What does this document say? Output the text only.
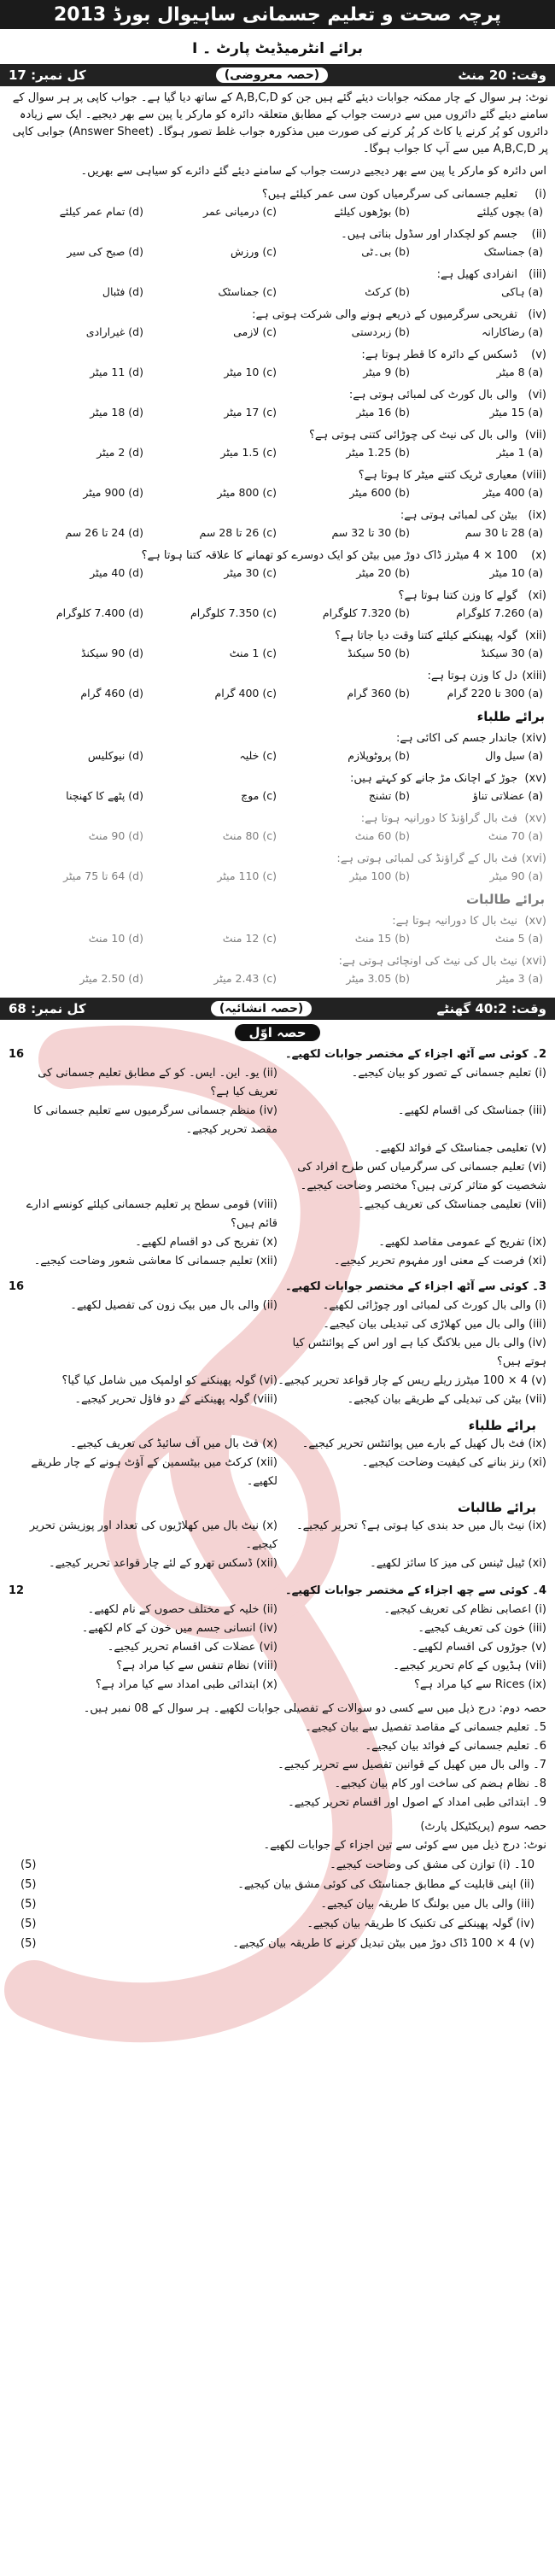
پرچہ صحت و تعلیم جسمانی ساہیوال بورڈ 2013
برائے انٹرمیڈیٹ پارٹ ۔ I
وقت: 20 منٹ
(حصہ معروضی)
کل نمبر: 17
نوٹ: ہر سوال کے چار ممکنہ جوابات دیئے گئے ہیں جن کو A,B,C,D کے ساتھ دیا گیا ہے۔ جواب کاپی پر ہر سوال کے سامنے دیئے گئے دائروں میں سے درست جواب کے مطابق متعلقہ دائرہ کو مارکر یا پین سے بھر دیجیے۔ ایک سے زیادہ دائروں کو پُر کرنے یا کاٹ کر پُر کرنے کی صورت میں مذکورہ جواب غلط تصور ہوگا۔ (Answer Sheet) جوابی کاپی پر A,B,C,D میں سے آپ کا جواب ہوگا۔
اس دائرہ کو مارکر یا پین سے بھر دیجیے درست جواب کے سامنے دیئے گئے دائرے کو سیاہی سے بھریں۔
(i)تعلیم جسمانی کی سرگرمیاں کون سی عمر کیلئے ہیں؟
(a) بچوں کیلئے
(b) بوڑھوں کیلئے
(c) درمیانی عمر
(d) تمام عمر کیلئے
(ii)جسم کو لچکدار اور سڈول بناتی ہیں۔
(a) جمناسٹک
(b) بی۔ٹی
(c) ورزش
(d) صبح کی سیر
(iii)انفرادی کھیل ہے:
(a) ہاکی
(b) کرکٹ
(c) جمناسٹک
(d) فٹبال
(iv)تفریحی سرگرمیوں کے ذریعے ہونے والی شرکت ہوتی ہے:
(a) رضاکارانہ
(b) زبردستی
(c) لازمی
(d) غیرارادی
(v)ڈسکس کے دائرہ کا قطر ہوتا ہے:
(a) 8 میٹر
(b) 9 میٹر
(c) 10 میٹر
(d) 11 میٹر
(vi)والی بال کورٹ کی لمبائی ہوتی ہے:
(a) 15 میٹر
(b) 16 میٹر
(c) 17 میٹر
(d) 18 میٹر
(vii)والی بال کی نیٹ کی چوڑائی کتنی ہوتی ہے؟
(a) 1 میٹر
(b) 1.25 میٹر
(c) 1.5 میٹر
(d) 2 میٹر
(viii)معیاری ٹریک کتنے میٹر کا ہوتا ہے؟
(a) 400 میٹر
(b) 600 میٹر
(c) 800 میٹر
(d) 900 میٹر
(ix)بیٹن کی لمبائی ہوتی ہے:
(a) 28 تا 30 سم
(b) 30 تا 32 سم
(c) 26 تا 28 سم
(d) 24 تا 26 سم
(x)100 × 4 میٹرز ڈاک دوڑ میں بیٹن کو ایک دوسرے کو تھمانے کا علاقہ کتنا ہوتا ہے؟
(a) 10 میٹر
(b) 20 میٹر
(c) 30 میٹر
(d) 40 میٹر
(xi)گولے کا وزن کتنا ہوتا ہے؟
(a) 7.260 کلوگرام
(b) 7.320 کلوگرام
(c) 7.350 کلوگرام
(d) 7.400 کلوگرام
(xii)گولہ پھینکنے کیلئے کتنا وقت دیا جاتا ہے؟
(a) 30 سیکنڈ
(b) 50 سیکنڈ
(c) 1 منٹ
(d) 90 سیکنڈ
(xiii)دل کا وزن ہوتا ہے:
(a) 300 تا 220 گرام
(b) 360 گرام
(c) 400 گرام
(d) 460 گرام
برائے طلباء
(xiv)جاندار جسم کی اکائی ہے:
(a) سیل وال
(b) پروٹوپلازم
(c) خلیہ
(d) نیوکلیس
(xv)جوڑ کے اچانک مڑ جانے کو کہتے ہیں:
(a) عضلاتی تناؤ
(b) تشنج
(c) موچ
(d) پٹھے کا کھنچنا
(xv)فٹ بال گراؤنڈ کا دورانیہ ہوتا ہے:
(a) 70 منٹ
(b) 60 منٹ
(c) 80 منٹ
(d) 90 منٹ
(xvi)فٹ بال کے گراؤنڈ کی لمبائی ہوتی ہے:
(a) 90 میٹر
(b) 100 میٹر
(c) 110 میٹر
(d) 64 تا 75 میٹر
برائے طالبات
(xv)نیٹ بال کا دورانیہ ہوتا ہے:
(a) 5 منٹ
(b) 15 منٹ
(c) 12 منٹ
(d) 10 منٹ
(xvi)نیٹ بال کی نیٹ کی اونچائی ہوتی ہے:
(a) 3 میٹر
(b) 3.05 میٹر
(c) 2.43 میٹر
(d) 2.50 میٹر
وقت: 40:2 گھنٹے
(حصہ انشائیہ)
کل نمبر: 68
حصہ اوّل
2۔ کوئی سے آٹھ اجزاء کے مختصر جوابات لکھیے۔
16
(i) تعلیم جسمانی کے تصور کو بیان کیجیے۔
(ii) یو۔ این۔ ایس۔ کو کے مطابق تعلیم جسمانی کی تعریف کیا ہے؟
(iii) جمناسٹک کی اقسام لکھیے۔
(iv) منظم جسمانی سرگرمیوں سے تعلیم جسمانی کا مقصد تحریر کیجیے۔
(v) تعلیمی جمناسٹک کے فوائد لکھیے۔
(vi) تعلیم جسمانی کی سرگرمیاں کس طرح افراد کی شخصیت کو متاثر کرتی ہیں؟ مختصر وضاحت کیجیے۔
(vii) تعلیمی جمناسٹک کی تعریف کیجیے۔
(viii) قومی سطح پر تعلیم جسمانی کیلئے کونسے ادارے قائم ہیں؟
(ix) تفریح کے عمومی مقاصد لکھیے۔
(x) تفریح کی دو اقسام لکھیے۔
(xi) فرصت کے معنی اور مفہوم تحریر کیجیے۔
(xii) تعلیم جسمانی کا معاشی شعور وضاحت کیجیے۔
3۔ کوئی سے آٹھ اجزاء کے مختصر جوابات لکھیے۔
16
(i) والی بال کورٹ کی لمبائی اور چوڑائی لکھیے۔
(ii) والی بال میں بیک زون کی تفصیل لکھیے۔
(iii) والی بال میں کھلاڑی کی تبدیلی بیان کیجیے۔
(iv) والی بال میں بلاکنگ کیا ہے اور اس کے پوائنٹس کیا ہوتے ہیں؟
(v) 100 × 4 میٹرز ریلے ریس کے چار قواعد تحریر کیجیے۔
(vi) گولہ پھینکنے کو اولمپک میں شامل کیا گیا؟
(vii) بیٹن کی تبدیلی کے طریقے بیان کیجیے۔
(viii) گولہ پھینکنے کے دو فاؤل تحریر کیجیے۔
برائے طلباء
(ix) فٹ بال کھیل کے بارے میں پوائنٹس تحریر کیجیے۔
(x) فٹ بال میں آف سائیڈ کی تعریف کیجیے۔
(xi) رنز بنانے کی کیفیت وضاحت کیجیے۔
(xii) کرکٹ میں بیٹسمین کے آؤٹ ہونے کے چار طریقے لکھیے۔
برائے طالبات
(ix) نیٹ بال میں حد بندی کیا ہوتی ہے؟ تحریر کیجیے۔
(x) نیٹ بال میں کھلاڑیوں کی تعداد اور پوزیشن تحریر کیجیے۔
(xi) ٹیبل ٹینس کی میز کا سائز لکھیے۔
(xii) ڈسکس تھرو کے لئے چار قواعد تحریر کیجیے۔
4۔ کوئی سے چھ اجزاء کے مختصر جوابات لکھیے۔
12
(i) اعصابی نظام کی تعریف کیجیے۔
(ii) خلیہ کے مختلف حصوں کے نام لکھیے۔
(iii) خون کی تعریف کیجیے۔
(iv) انسانی جسم میں خون کے کام لکھیے۔
(v) جوڑوں کی اقسام لکھیے۔
(vi) عضلات کی اقسام تحریر کیجیے۔
(vii) ہڈیوں کے کام تحریر کیجیے۔
(viii) نظام تنفس سے کیا مراد ہے؟
(ix) Rices سے کیا مراد ہے؟
(x) ابتدائی طبی امداد سے کیا مراد ہے؟
حصہ دوم: درج ذیل میں سے کسی دو سوالات کے تفصیلی جوابات لکھیے۔ ہر سوال کے 08 نمبر ہیں۔
5۔ تعلیم جسمانی کے مقاصد تفصیل سے بیان کیجیے۔
6۔ تعلیم جسمانی کے فوائد بیان کیجیے۔
7۔ والی بال میں کھیل کے قوانین تفصیل سے تحریر کیجیے۔
8۔ نظام ہضم کی ساخت اور کام بیان کیجیے۔
9۔ ابتدائی طبی امداد کے اصول اور اقسام تحریر کیجیے۔
حصہ سوم (پریکٹیکل پارٹ)
نوٹ: درج ذیل میں سے کوئی سے تین اجزاء کے جوابات لکھیے۔
10۔ (i) توازن کی مشق کی وضاحت کیجیے۔
(5)
(ii) اپنی قابلیت کے مطابق جمناسٹک کی کوئی مشق بیان کیجیے۔
(5)
(iii) والی بال میں بولنگ کا طریقہ بیان کیجیے۔
(5)
(iv) گولہ پھینکنے کی تکنیک کا طریقہ بیان کیجیے۔
(5)
(v) 100 × 4 ڈاک دوڑ میں بیٹن تبدیل کرنے کا طریقہ بیان کیجیے۔
(5)
